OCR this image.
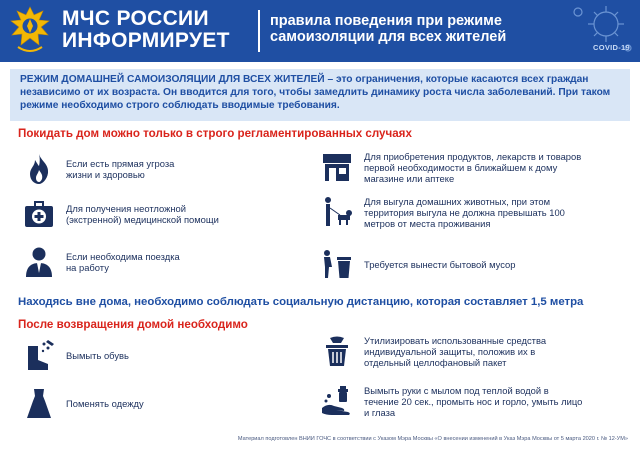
МЧС РОССИИ ИНФОРМИРУЕТ
правила поведения при режиме самоизоляции для всех жителей
COVID-19
РЕЖИМ ДОМАШНЕЙ САМОИЗОЛЯЦИИ ДЛЯ ВСЕХ ЖИТЕЛЕЙ – это ограничения, которые касаются всех граждан независимо от их возраста. Он вводится для того, чтобы замедлить динамику роста числа заболеваний. При таком режиме необходимо строго соблюдать вводимые требования.
Покидать дом можно только в строго регламентированных случаях
Если есть прямая угроза жизни и здоровью
Для приобретения продуктов, лекарств и товаров первой необходимости в ближайшем к дому магазине или аптеке
Для получения неотложной (экстренной) медицинской помощи
Для выгула домашних животных, при этом территория выгула не должна превышать 100 метров от места проживания
Если необходима поездка на работу	Требуется вынести бытовой мусор
Находясь вне дома, необходимо соблюдать социальную дистанцию, которая составляет 1,5 метра
После возвращения домой необходимо
Вымыть обувь
Утилизировать использованные средства индивидуальной защиты, положив их в отдельный целлофановый пакет
Поменять одежду
Вымыть руки с мылом под теплой водой в течение 20 сек., промыть нос и горло, умыть лицо и глаза
Материал подготовлен ВНИИ ГОЧС в соответствии с Указом Мэра Москвы «О внесении изменений в Указ Мэра Москвы от 5 марта 2020 г. № 12-УМ»
